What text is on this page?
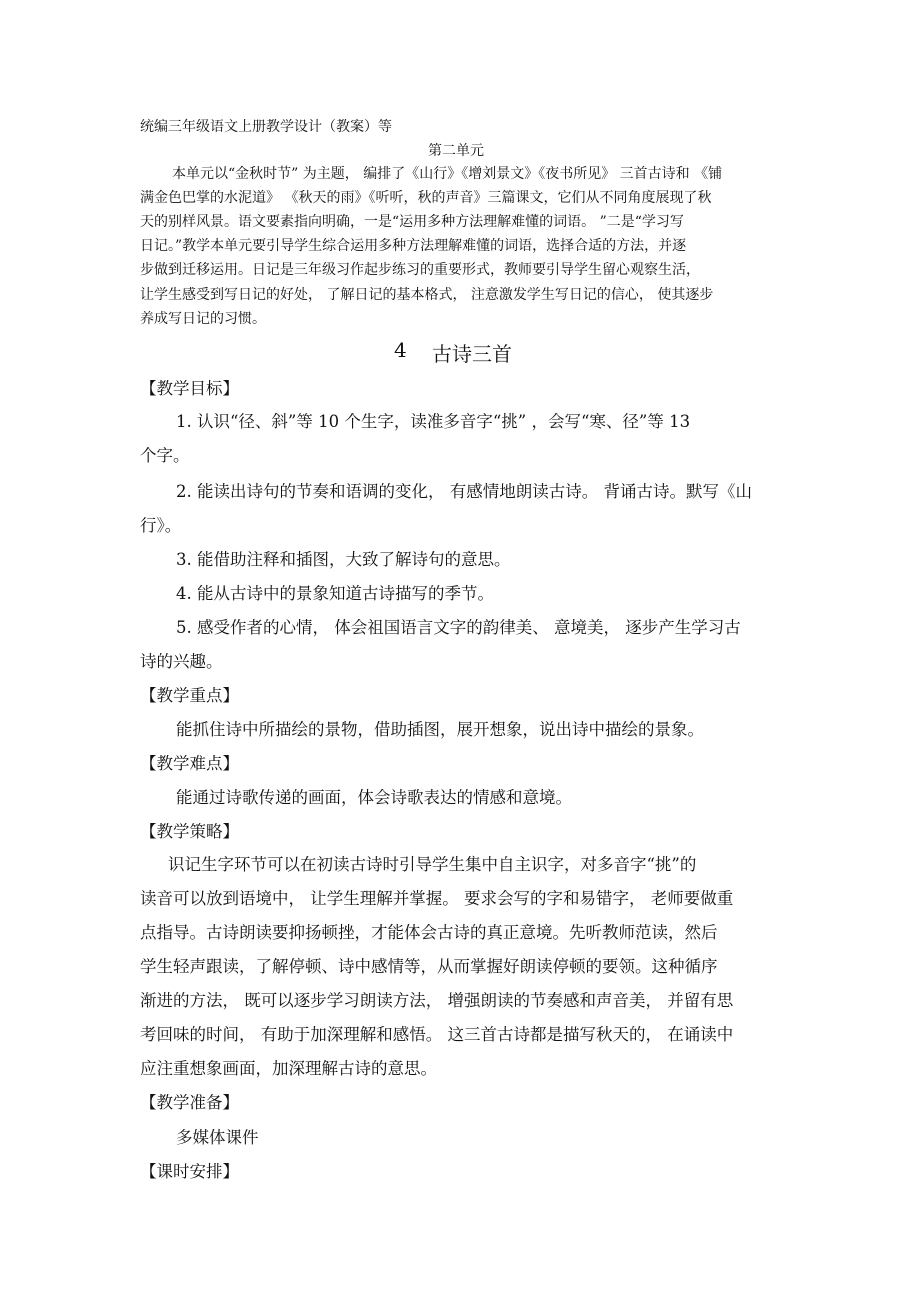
统编三年级语文上册教学设计（教案）等

第二单元

本单元以“金秋时节” 为主题， 编排了《山行》《增刘景文》《夜书所见》 三首古诗和 《铺

满金色巴掌的水泥道》 《秋天的雨》《听听，秋的声音》三篇课文，它们从不同角度展现了秋

天的别样风景。语文要素指向明确，一是“运用多种方法理解难懂的词语。 ”二是“学习写

日记。”教学本单元要引导学生综合运用多种方法理解难懂的词语，选择合适的方法，并逐

步做到迁移运用。日记是三年级习作起步练习的重要形式，教师要引导学生留心观察生活，

让学生感受到写日记的好处， 了解日记的基本格式， 注意激发学生写日记的信心， 使其逐步

养成写日记的习惯。

4 古诗三首

【教学目标】

1. 认识“径、斜”等 10 个生字，读准多音字“挑” ，会写“寒、径”等 13

个字。

2. 能读出诗句的节奏和语调的变化， 有感情地朗读古诗。 背诵古诗。默写《山

行》。

3. 能借助注释和插图，大致了解诗句的意思。

4. 能从古诗中的景象知道古诗描写的季节。

5. 感受作者的心情， 体会祖国语言文字的韵律美、 意境美， 逐步产生学习古

诗的兴趣。

【教学重点】

能抓住诗中所描绘的景物，借助插图，展开想象，说出诗中描绘的景象。

【教学难点】

能通过诗歌传递的画面，体会诗歌表达的情感和意境。

【教学策略】

识记生字环节可以在初读古诗时引导学生集中自主识字，对多音字“挑”的

读音可以放到语境中， 让学生理解并掌握。 要求会写的字和易错字， 老师要做重

点指导。古诗朗读要抑扬顿挫，才能体会古诗的真正意境。先听教师范读，然后

学生轻声跟读，了解停顿、诗中感情等，从而掌握好朗读停顿的要领。这种循序

渐进的方法， 既可以逐步学习朗读方法， 增强朗读的节奏感和声音美， 并留有思

考回味的时间， 有助于加深理解和感悟。 这三首古诗都是描写秋天的， 在诵读中

应注重想象画面，加深理解古诗的意思。

【教学准备】

多媒体课件

【课时安排】
